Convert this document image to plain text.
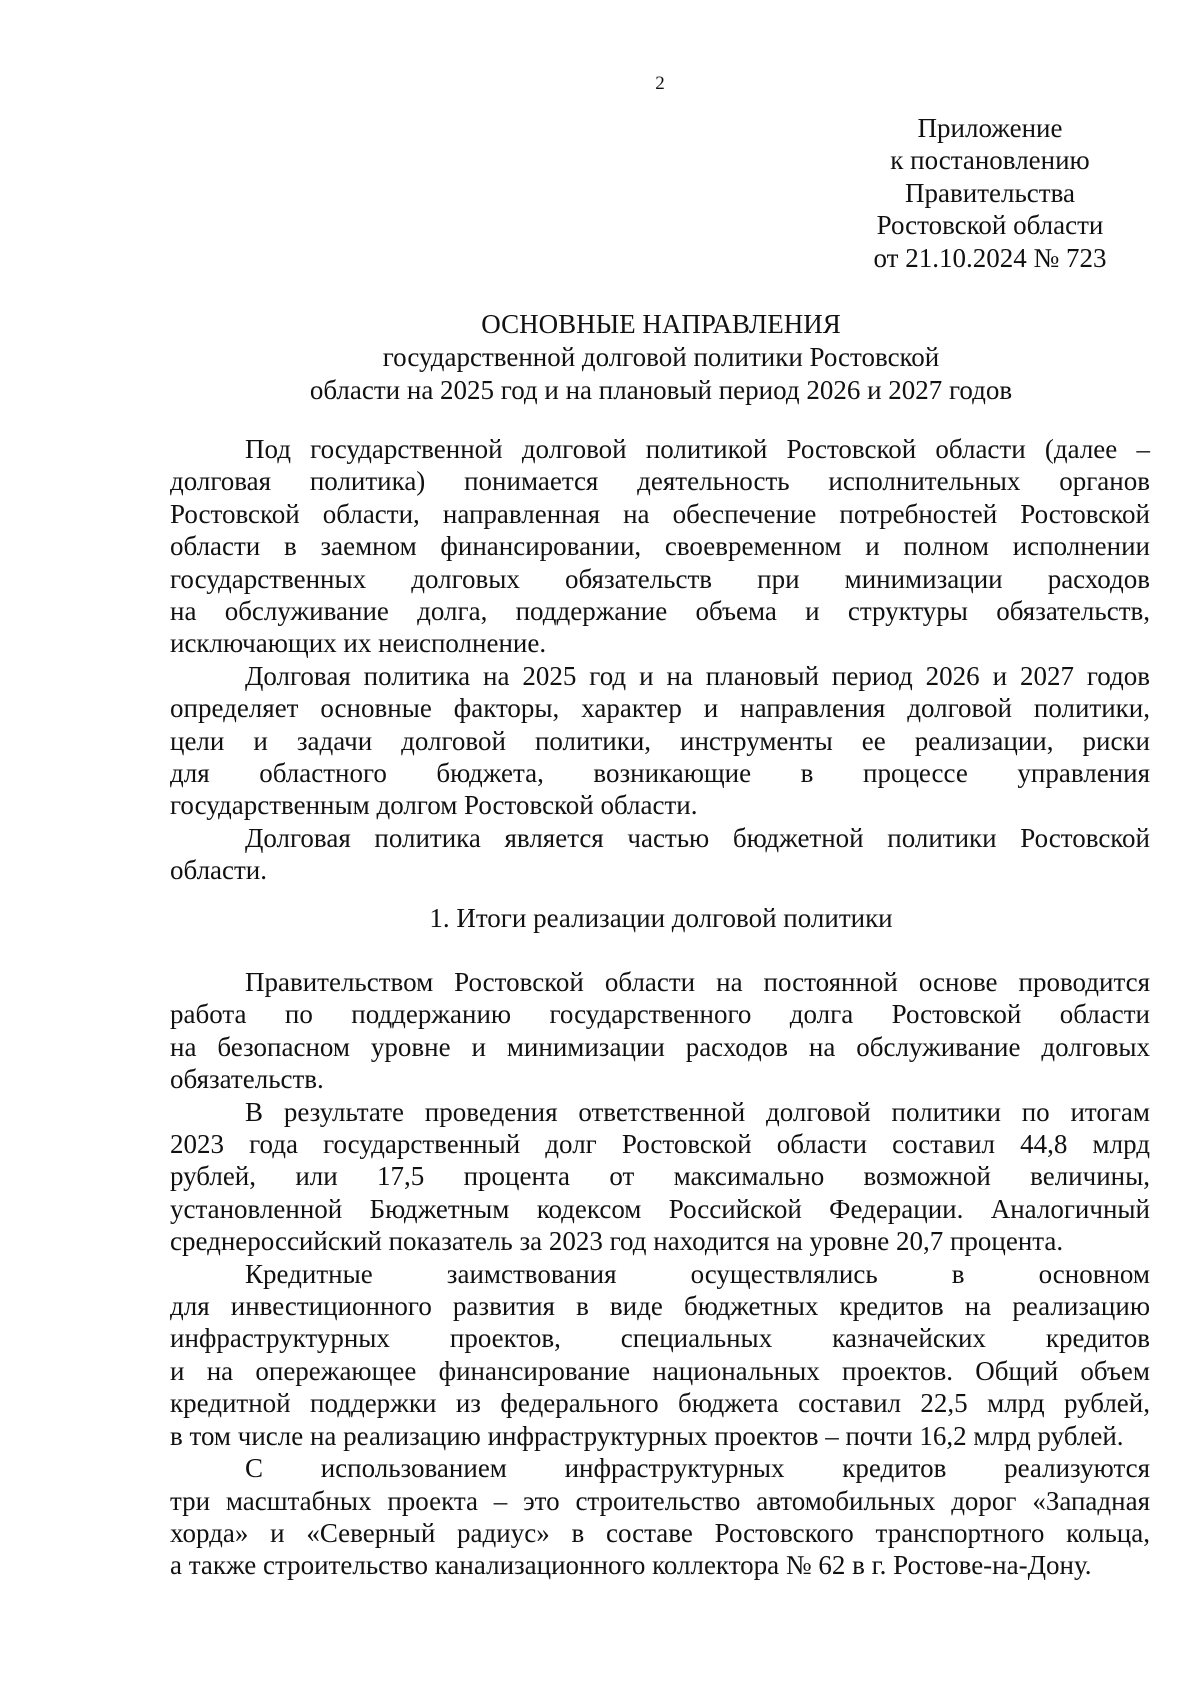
2
Приложение
к постановлению
Правительства
Ростовской области
от 21.10.2024 № 723
ОСНОВНЫЕ НАПРАВЛЕНИЯ
государственной долговой политики Ростовской
области на 2025 год и на плановый период 2026 и 2027 годов
Под государственной долговой политикой Ростовской области (далее –
долговая политика) понимается деятельность исполнительных органов
Ростовской области, направленная на обеспечение потребностей Ростовской
области в заемном финансировании, своевременном и полном исполнении
государственных долговых обязательств при минимизации расходов
на обслуживание долга, поддержание объема и структуры обязательств,
исключающих их неисполнение.
Долговая политика на 2025 год и на плановый период 2026 и 2027 годов
определяет основные факторы, характер и направления долговой политики,
цели и задачи долговой политики, инструменты ее реализации, риски
для областного бюджета, возникающие в процессе управления
государственным долгом Ростовской области.
Долговая политика является частью бюджетной политики Ростовской
области.
1. Итоги реализации долговой политики
Правительством Ростовской области на постоянной основе проводится
работа по поддержанию государственного долга Ростовской области
на безопасном уровне и минимизации расходов на обслуживание долговых
обязательств.
В результате проведения ответственной долговой политики по итогам
2023 года государственный долг Ростовской области составил 44,8 млрд
рублей, или 17,5 процента от максимально возможной величины,
установленной Бюджетным кодексом Российской Федерации. Аналогичный
среднероссийский показатель за 2023 год находится на уровне 20,7 процента.
Кредитные заимствования осуществлялись в основном
для инвестиционного развития в виде бюджетных кредитов на реализацию
инфраструктурных проектов, специальных казначейских кредитов
и на опережающее финансирование национальных проектов. Общий объем
кредитной поддержки из федерального бюджета составил 22,5 млрд рублей,
в том числе на реализацию инфраструктурных проектов – почти 16,2 млрд рублей.
С использованием инфраструктурных кредитов реализуются
три масштабных проекта – это строительство автомобильных дорог «Западная
хорда» и «Северный радиус» в составе Ростовского транспортного кольца,
а также строительство канализационного коллектора № 62 в г. Ростове-на-Дону.
